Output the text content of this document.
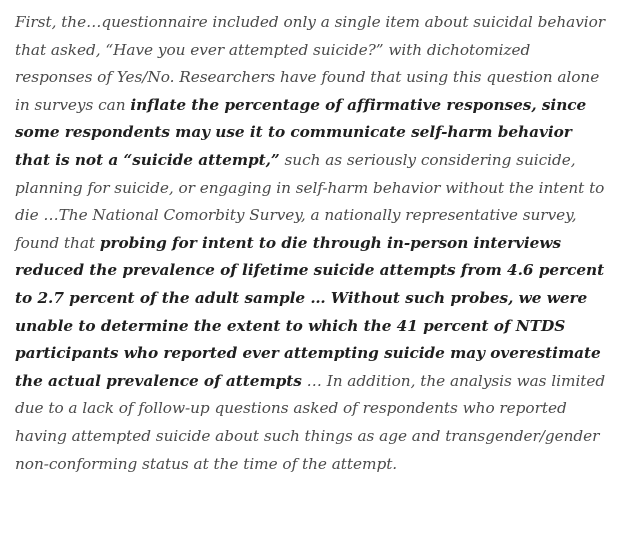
First, the…questionnaire included only a single item about suicidal behavior that asked, “Have you ever attempted suicide?” with dichotomized responses of Yes/No. Researchers have found that using this question alone in surveys can inflate the percentage of affirmative responses, since some respondents may use it to communicate self-harm behavior that is not a “suicide attempt,” such as seriously considering suicide, planning for suicide, or engaging in self-harm behavior without the intent to die …The National Comorbity Survey, a nationally representative survey, found that probing for intent to die through in-person interviews reduced the prevalence of lifetime suicide attempts from 4.6 percent to 2.7 percent of the adult sample … Without such probes, we were unable to determine the extent to which the 41 percent of NTDS participants who reported ever attempting suicide may overestimate the actual prevalence of attempts … In addition, the analysis was limited due to a lack of follow-up questions asked of respondents who reported having attempted suicide about such things as age and transgender/gender non-conforming status at the time of the attempt.
